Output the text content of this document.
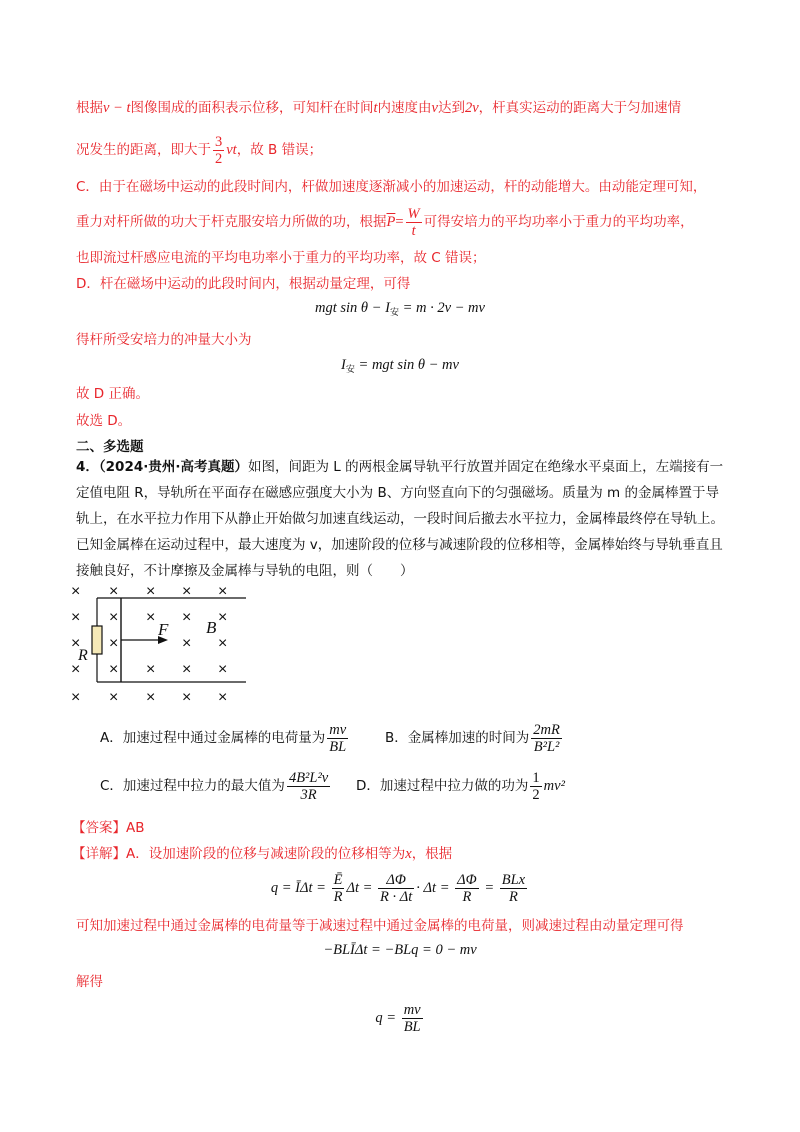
根据v − t图像围成的面积表示位移，可知杆在时间t内速度由v达到2v，杆真实运动的距离大于匀加速情
况发生的距离，即大于 $\frac{3}{2}$ vt，故 B 错误；
C．由于在磁场中运动的此段时间内，杆做加速度逐渐减小的加速运动，杆的动能增大。由动能定理可知，
重力对杆所做的功大于杆克服安培力所做的功，根据$\overline{P}= \frac{W}{t}$ 可得安培力的平均功率小于重力的平均功率，
也即流过杆感应电流的平均电功率小于重力的平均功率，故 C 错误；
D．杆在磁场中运动的此段时间内，根据动量定理，可得
mgt $\sin \theta - I_安 = m \cdot 2v$ − mv
得杆所受安培力的冲量大小为
$I_安$ = mgt sin θ − mv
故 D 正确。
故选 D。
二、多选题
4．（2024·贵州·高考真题）如图，间距为 L 的两根金属导轨平行放置并固定在绝缘水平桌面上，左端接有一定值电阻 R，导轨所在平面存在磁感应强度大小为 B、方向竖直向下的匀强磁场。质量为 m 的金属棒置于导轨上，在水平拉力作用下从静止开始做匀加速直线运动，一段时间后撤去水平拉力，金属棒最终停在导轨上。已知金属棒在运动过程中，最大速度为 v，加速阶段的位移与减速阶段的位移相等，金属棒始终与导轨垂直且接触良好，不计摩擦及金属棒与导轨的电阻，则（　　）
× × × × ×
× × × × ×
× ×	× ×
× × × × ×
× × × × ×
F B
R
A．加速过程中通过金属棒的电荷量为 $\frac{mv}{BL}$	B．金属棒加速的时间为 $\frac{2mR}{\text{B²L²}}$
C．加速过程中拉力的最大值为 $\frac{\text{4B²L²v}}{3R}$ D．加速过程中拉力做的功为 $\frac{1}{2} mv^2$
【答案】AB
【详解】A．设加速阶段的位移与减速阶段的位移相等为x，根据
q = ĪΔt = $\frac{Ē}{R}$ $\Delta t = \frac{\Delta\Phi}{R \cdot \Delta t} \cdot \Delta t = \frac{\Delta\Phi}{R} = \frac{\text{BLx}}{R}$
可知加速过程中通过金属棒的电荷量等于减速过程中通过金属棒的电荷量，则减速过程由动量定理可得
−BLĪΔt = −BLq = 0 − mv
解得
$q = \frac{mv}{BL}$
